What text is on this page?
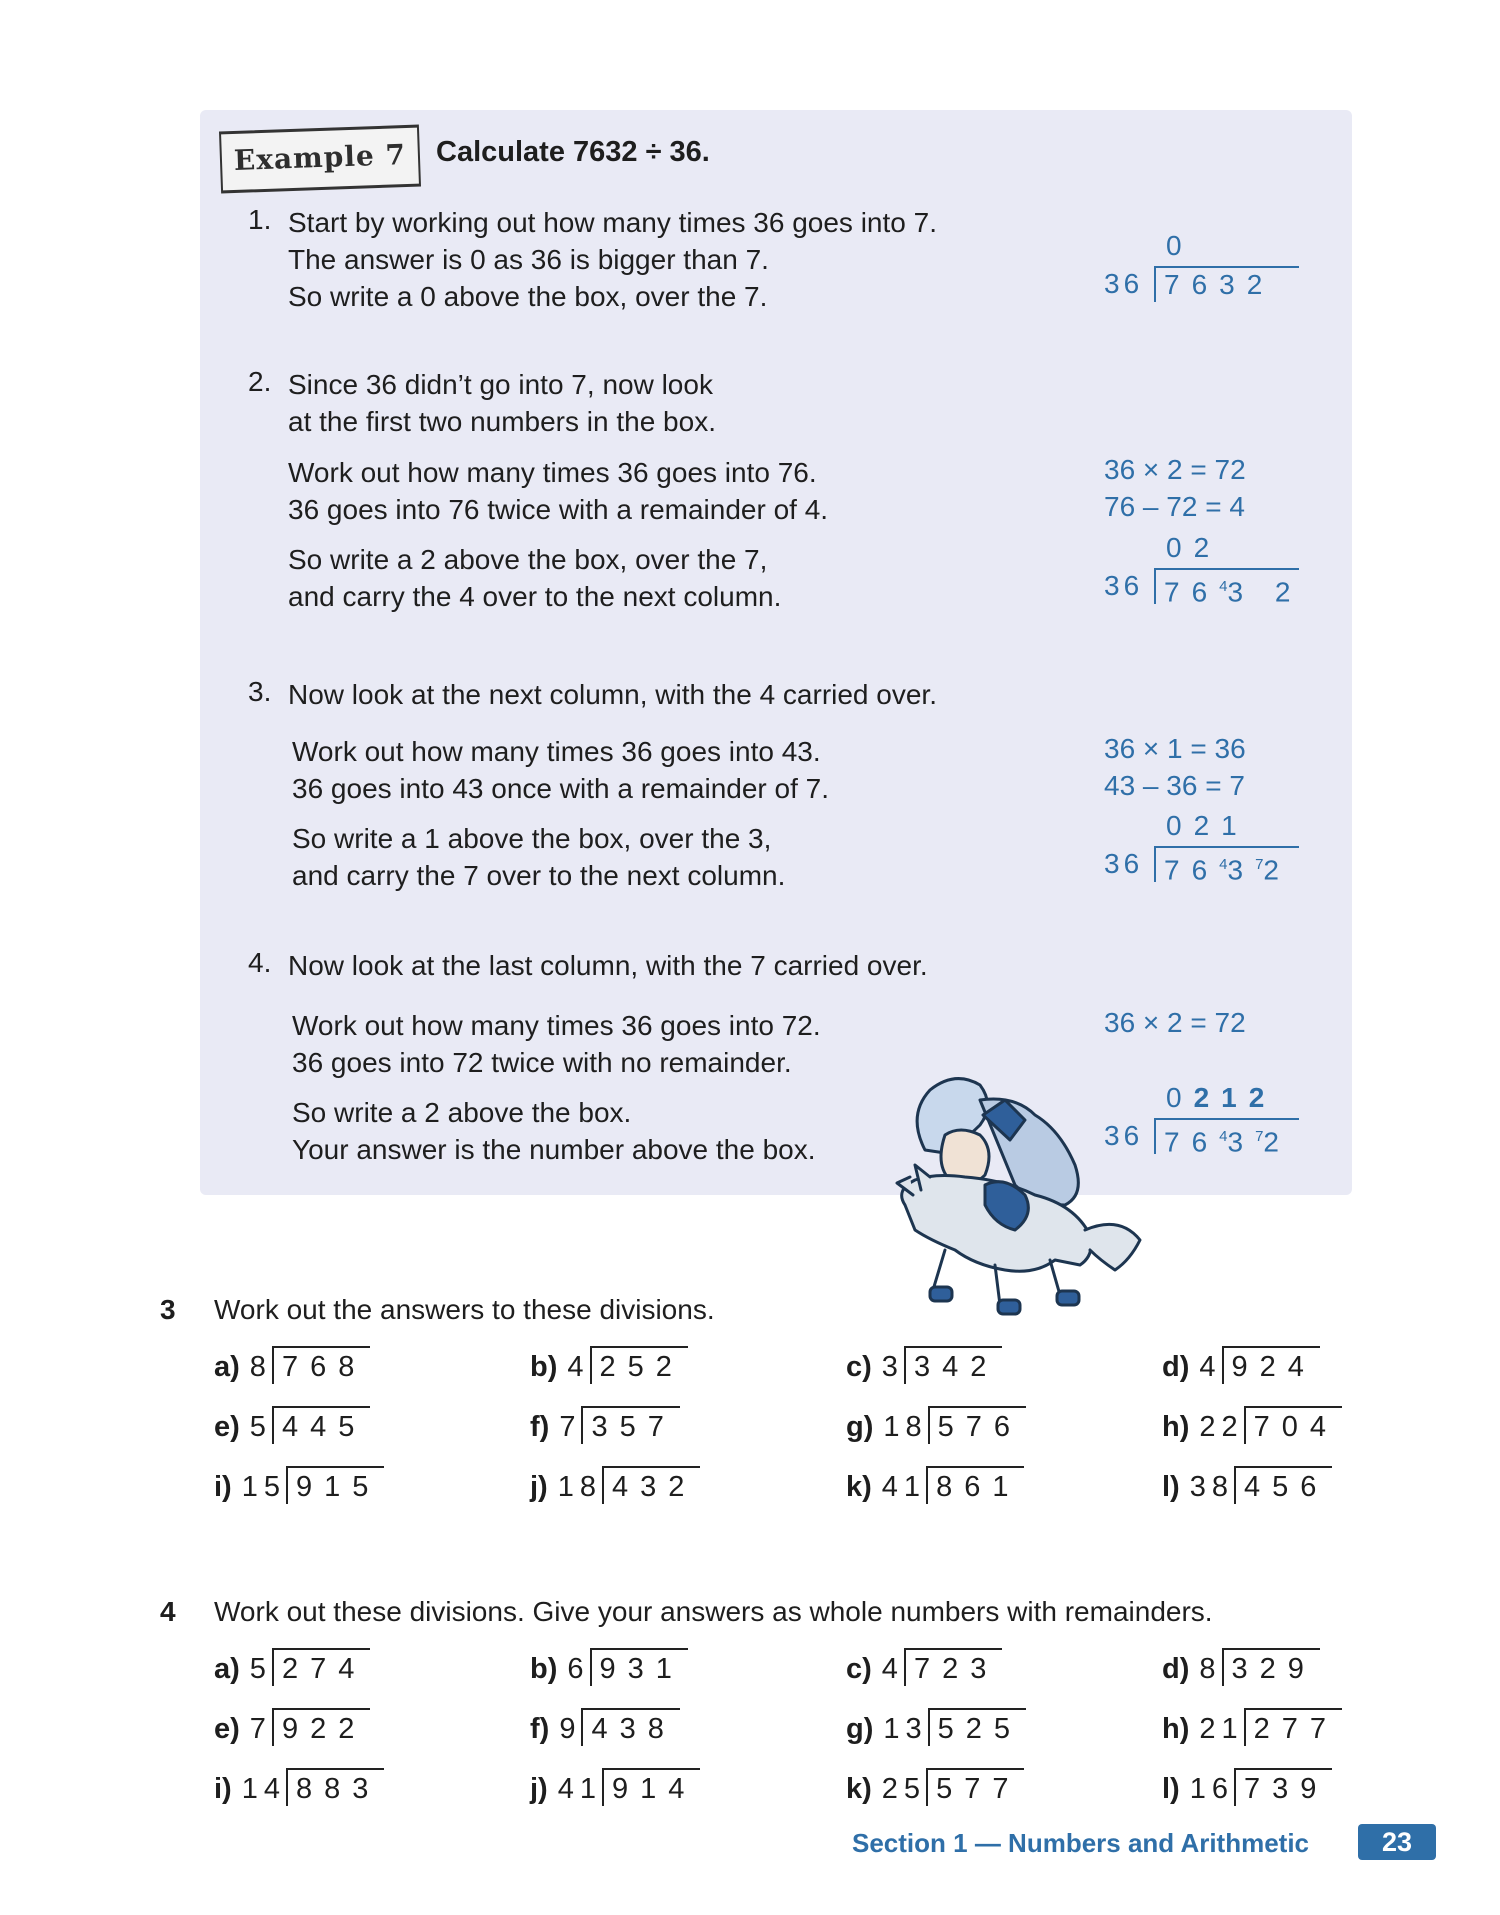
Example 7	Calculate 7632 ÷ 36.
1. Start by working out how many times 36 goes into 7.
The answer is 0 as 36 is bigger than 7.
So write a 0 above the box, over the 7.
0
36 7632
2. Since 36 didn’t go into 7, now look
at the first two numbers in the box.
Work out how many times 36 goes into 76.
36 goes into 76 twice with a remainder of 4.
So write a 2 above the box, over the 7,
and carry the 4 over to the next column.
36 × 2 = 72
76 – 72 = 4
02
36 $76^43$ 2
3. Now look at the next column, with the 4 carried over.
Work out how many times 36 goes into 43.
36 goes into 43 once with a remainder of 7.
So write a 1 above the box, over the 3,
and carry the 7 over to the next column.
36 × 1 = 36
43 – 36 = 7
021
36 $76^43^72$
4. Now look at the last column, with the 7 carried over.
Work out how many times 36 goes into 72.
36 goes into 72 twice with no remainder.
So write a 2 above the box.
Your answer is the number above the box.
36 × 2 = 72
0212
36 $76^43^72$
3 Work out the answers to these divisions.
a) 8 768	b) 4 252	c) 3 342	d) 4 924
e) 5 445	f) 7 357	g) 18 576	h) 22 704
i) 15 915	j) 18 432	k) 41 861	l) 38 456
4 Work out these divisions. Give your answers as whole numbers with remainders.
a) 5 274	b) 6 931	c) 4 723	d) 8 329
e) 7 922	f) 9 438	g) 13 525	h) 21 277
i) 14 883	j) 41 914	k) 25 577	l) 16 739
Section 1 — Numbers and Arithmetic	23
